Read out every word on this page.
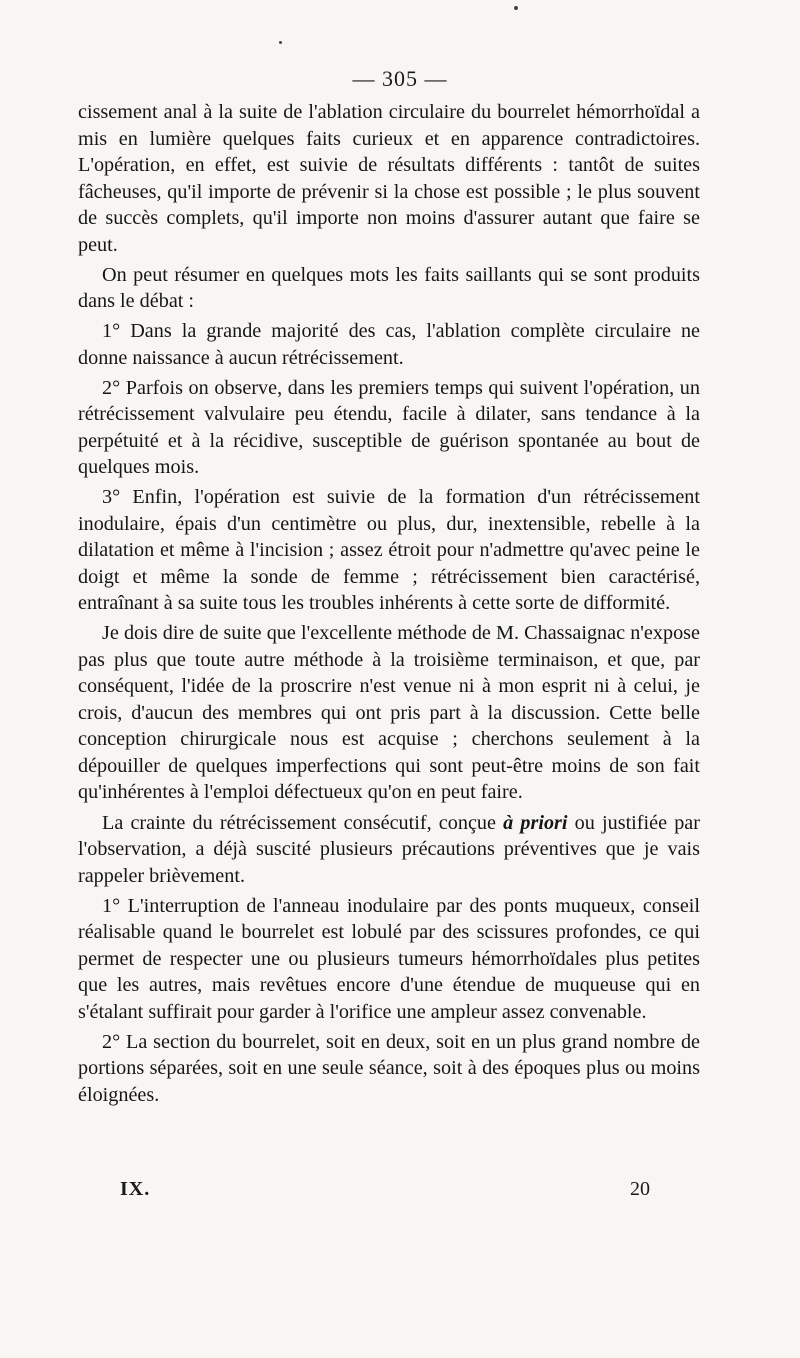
— 305 —

cissement anal à la suite de l'ablation circulaire du bourrelet hémorrhoïdal a mis en lumière quelques faits curieux et en apparence contradictoires. L'opération, en effet, est suivie de résultats différents : tantôt de suites fâcheuses, qu'il importe de prévenir si la chose est possible ; le plus souvent de succès complets, qu'il importe non moins d'assurer autant que faire se peut.

On peut résumer en quelques mots les faits saillants qui se sont produits dans le débat :

1° Dans la grande majorité des cas, l'ablation complète circulaire ne donne naissance à aucun rétrécissement.

2° Parfois on observe, dans les premiers temps qui suivent l'opération, un rétrécissement valvulaire peu étendu, facile à dilater, sans tendance à la perpétuité et à la récidive, susceptible de guérison spontanée au bout de quelques mois.

3° Enfin, l'opération est suivie de la formation d'un rétrécissement inodulaire, épais d'un centimètre ou plus, dur, inextensible, rebelle à la dilatation et même à l'incision ; assez étroit pour n'admettre qu'avec peine le doigt et même la sonde de femme ; rétrécissement bien caractérisé, entraînant à sa suite tous les troubles inhérents à cette sorte de difformité.

Je dois dire de suite que l'excellente méthode de M. Chassaignac n'expose pas plus que toute autre méthode à la troisième terminaison, et que, par conséquent, l'idée de la proscrire n'est venue ni à mon esprit ni à celui, je crois, d'aucun des membres qui ont pris part à la discussion. Cette belle conception chirurgicale nous est acquise ; cherchons seulement à la dépouiller de quelques imperfections qui sont peut-être moins de son fait qu'inhérentes à l'emploi défectueux qu'on en peut faire.

La crainte du rétrécissement consécutif, conçue à priori ou justifiée par l'observation, a déjà suscité plusieurs précautions préventives que je vais rappeler brièvement.

1° L'interruption de l'anneau inodulaire par des ponts muqueux, conseil réalisable quand le bourrelet est lobulé par des scissures profondes, ce qui permet de respecter une ou plusieurs tumeurs hémorrhoïdales plus petites que les autres, mais revêtues encore d'une étendue de muqueuse qui en s'étalant suffirait pour garder à l'orifice une ampleur assez convenable.

2° La section du bourrelet, soit en deux, soit en un plus grand nombre de portions séparées, soit en une seule séance, soit à des époques plus ou moins éloignées.

IX.	20
